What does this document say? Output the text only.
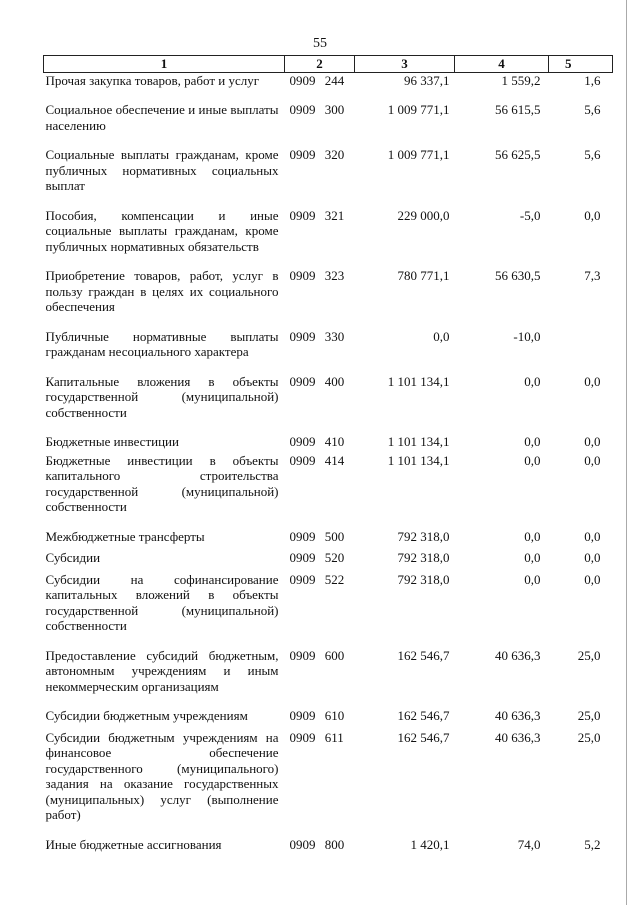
55
1	2	3	4	5
Прочая закупка товаров, работ и услуг	0909 244	96 337,1	1 559,2	1,6

Социальное обеспечение и иные выплаты населению	0909 300	1 009 771,1	56 615,5	5,6

Социальные выплаты гражданам, кроме публичных нормативных социальных выплат	0909 320	1 009 771,1	56 625,5	5,6

Пособия, компенсации и иные социальные выплаты гражданам, кроме публичных нормативных обязательств	0909 321	229 000,0	-5,0	0,0

Приобретение товаров, работ, услуг в пользу граждан в целях их социального обеспечения	0909 323	780 771,1	56 630,5	7,3

Публичные нормативные выплаты гражданам несоциального характера	0909 330	0,0	-10,0	

Капитальные вложения в объекты государственной (муниципальной) собственности	0909 400	1 101 134,1	0,0	0,0

Бюджетные инвестиции	0909 410	1 101 134,1	0,0	0,0

Бюджетные инвестиции в объекты капитального строительства государственной (муниципальной) собственности	0909 414	1 101 134,1	0,0	0,0

Межбюджетные трансферты	0909 500	792 318,0	0,0	0,0

Субсидии	0909 520	792 318,0	0,0	0,0

Субсидии на софинансирование капитальных вложений в объекты государственной (муниципальной) собственности	0909 522	792 318,0	0,0	0,0

Предоставление субсидий бюджетным, автономным учреждениям и иным некоммерческим организациям	0909 600	162 546,7	40 636,3	25,0

Субсидии бюджетным учреждениям	0909 610	162 546,7	40 636,3	25,0

Субсидии бюджетным учреждениям на финансовое обеспечение государственного (муниципального) задания на оказание государственных (муниципальных) услуг (выполнение работ)	0909 611	162 546,7	40 636,3	25,0

Иные бюджетные ассигнования	0909 800	1 420,1	74,0	5,2
